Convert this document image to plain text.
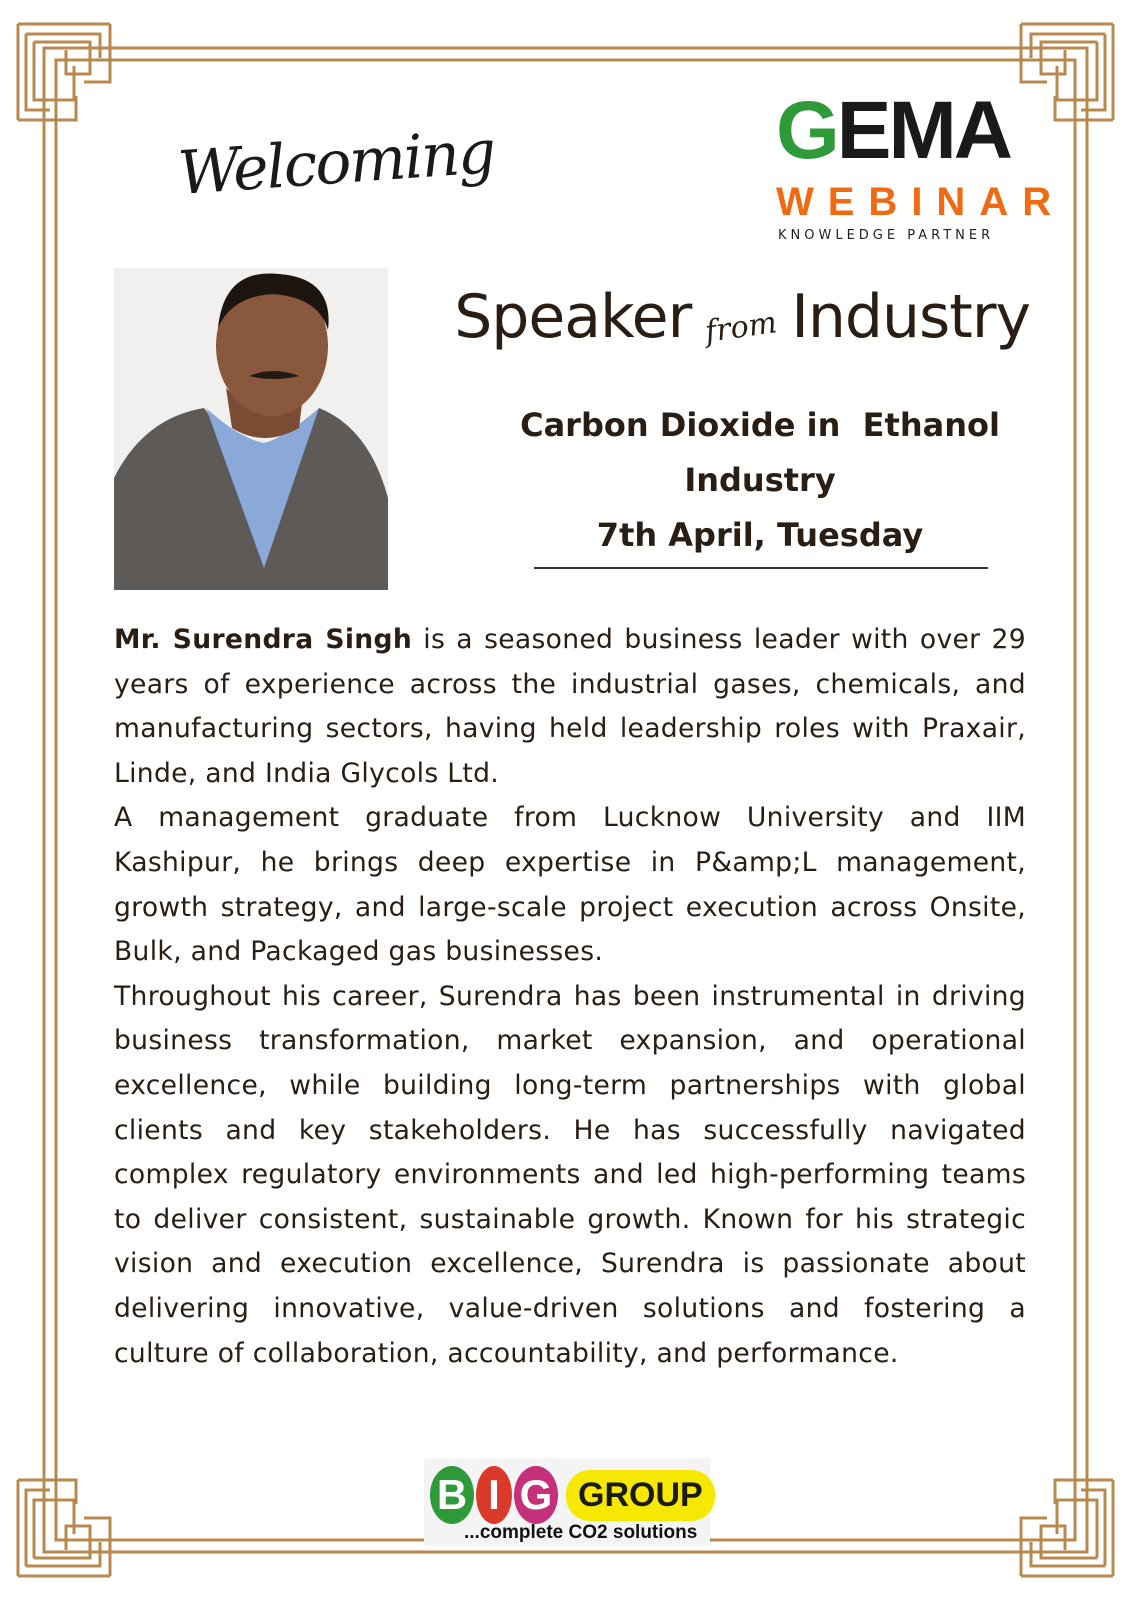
Welcoming	GEMA
WEBINAR
KNOWLEDGE PARTNER
Speaker from Industry
Carbon Dioxide in  Ethanol
Industry
7th April, Tuesday

Mr. Surendra Singh is a seasoned business leader with over 29 years of experience across the industrial gases, chemicals, and manufacturing sectors, having held leadership roles with Praxair, Linde, and India Glycols Ltd.

A management graduate from Lucknow University and IIM Kashipur, he brings deep expertise in P&amp;L management, growth strategy, and large-scale project execution across Onsite, Bulk, and Packaged gas businesses.

Throughout his career, Surendra has been instrumental in driving business transformation, market expansion, and operational excellence, while building long-term partnerships with global clients and key stakeholders. He has successfully navigated complex regulatory environments and led high-performing teams to deliver consistent, sustainable growth. Known for his strategic vision and execution excellence, Surendra is passionate about delivering innovative, value-driven solutions and fostering a culture of collaboration, accountability, and performance.

B I G GROUP
...complete CO2 solutions
